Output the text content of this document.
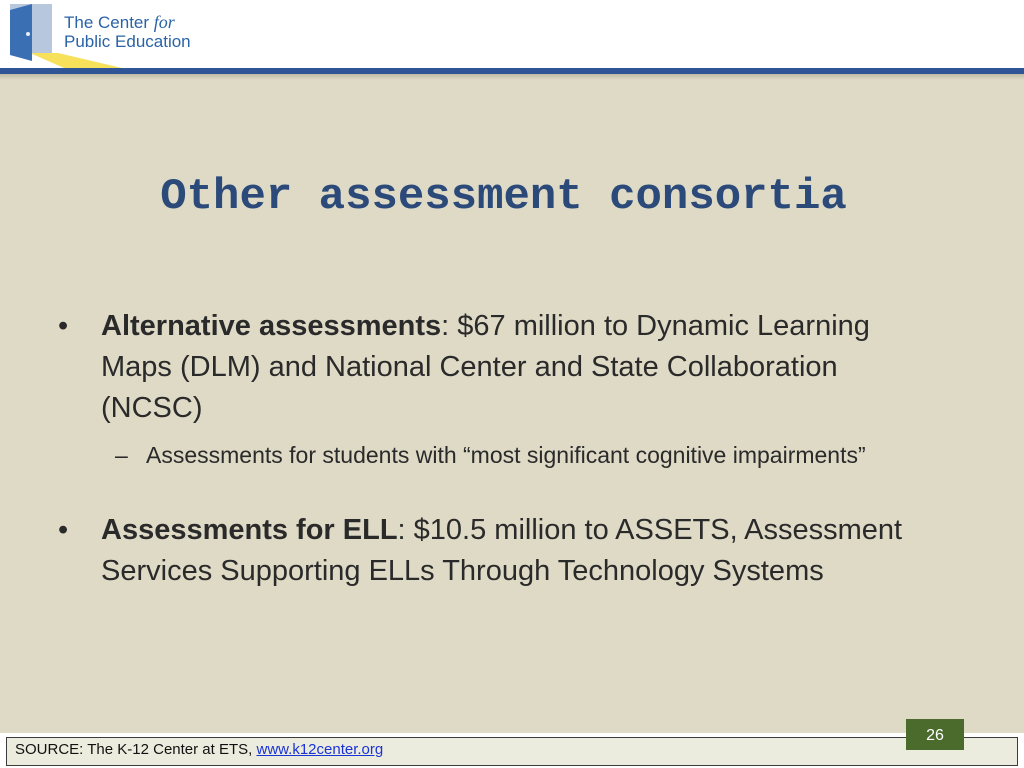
The Center for
Public Education
Other assessment consortia
• Alternative assessments: $67 million to Dynamic Learning Maps (DLM) and National Center and State Collaboration (NCSC)
– Assessments for students with “most significant cognitive impairments”
• Assessments for ELL: $10.5 million to ASSETS, Assessment Services Supporting ELLs Through Technology Systems
SOURCE: The K-12 Center at ETS, www.k12center.org
26
